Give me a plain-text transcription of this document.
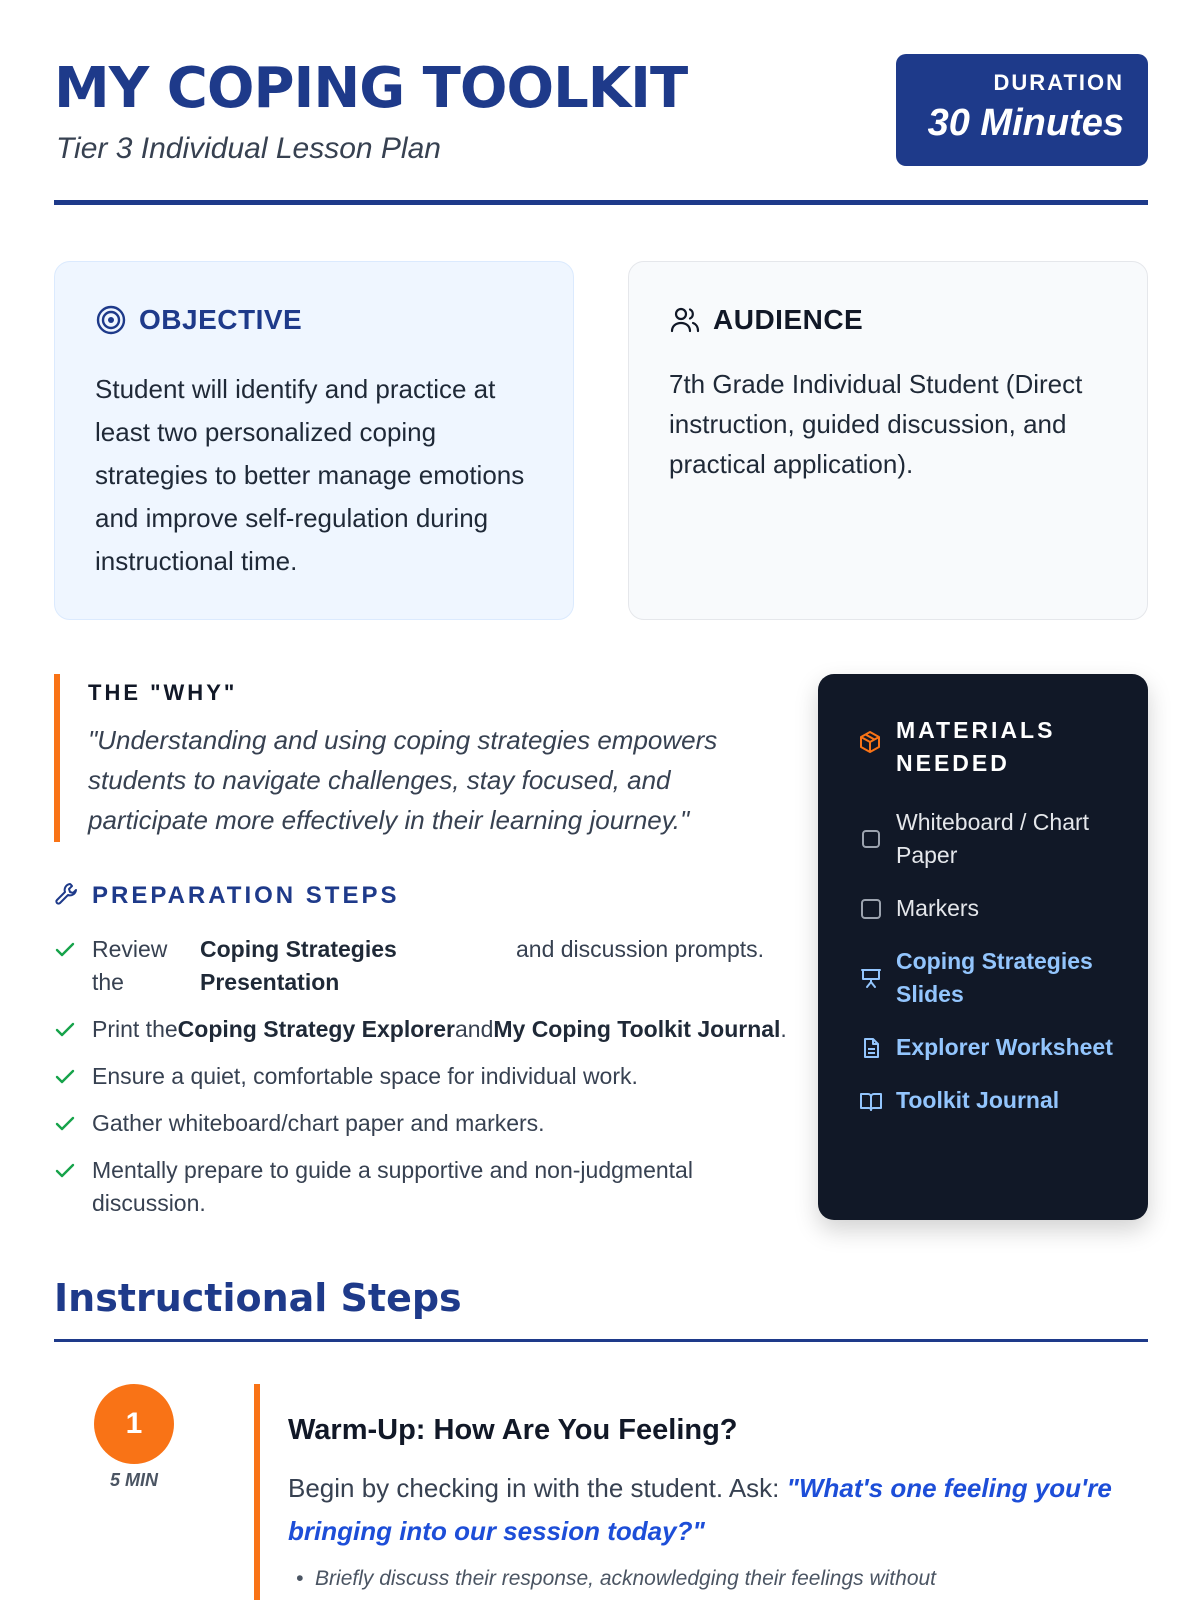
MY COPING TOOLKIT
Tier 3 Individual Lesson Plan
DURATION
30 Minutes
OBJECTIVE
Student will identify and practice at least two personalized coping strategies to better manage emotions and improve self-regulation during instructional time.
AUDIENCE
7th Grade Individual Student (Direct instruction, guided discussion, and practical application).
THE "WHY"
"Understanding and using coping strategies empowers students to navigate challenges, stay focused, and participate more effectively in their learning journey."
PREPARATION STEPS
Review the
Coping Strategies Presentation
and discussion prompts.
Print theCoping Strategy ExplorerandMy Coping Toolkit Journal.
Ensure a quiet, comfortable space for individual work.
Gather whiteboard/chart paper and markers.
Mentally prepare to guide a supportive and non-judgmental discussion.
MATERIALS NEEDED
Whiteboard / Chart Paper
Markers
Coping Strategies Slides
Explorer Worksheet
Toolkit Journal
Instructional Steps
1
5 MIN
Warm-Up: How Are You Feeling?
Begin by checking in with the student. Ask: "What's one feeling you're bringing into our session today?"
•  Briefly discuss their response, acknowledging their feelings without
